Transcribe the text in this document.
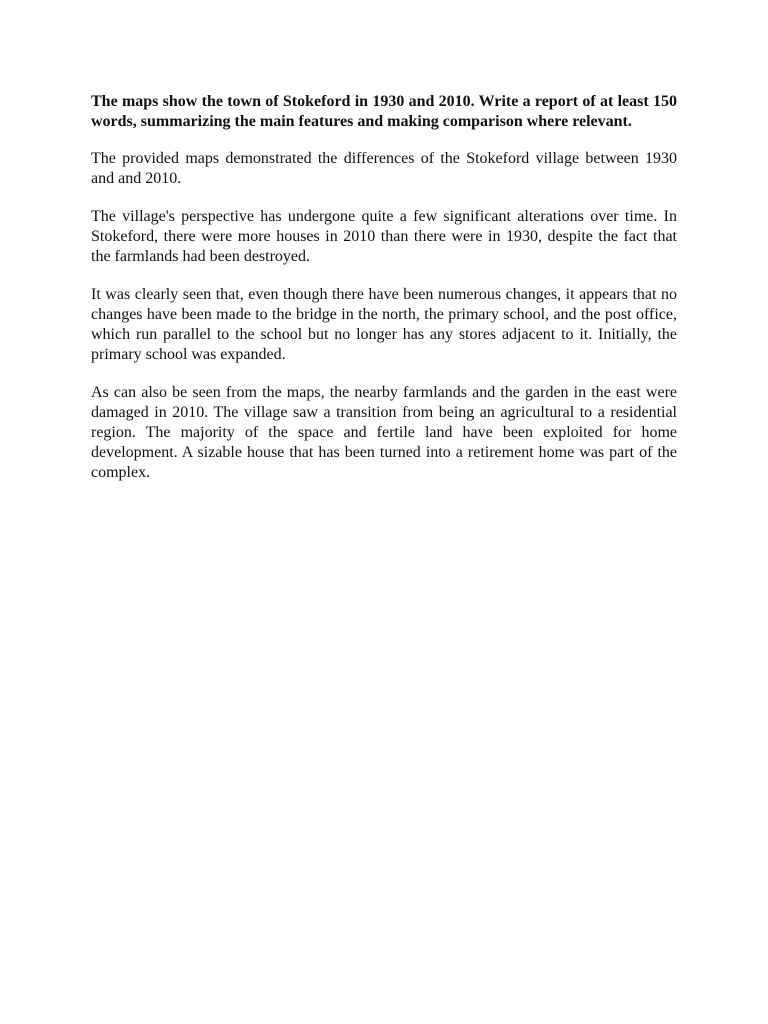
The maps show the town of Stokeford in 1930 and 2010. Write a report of at least 150 words, summarizing the main features and making comparison where relevant.

The provided maps demonstrated the differences of the Stokeford village between 1930 and and 2010.

The village's perspective has undergone quite a few significant alterations over time. In Stokeford, there were more houses in 2010 than there were in 1930, despite the fact that the farmlands had been destroyed.

It was clearly seen that, even though there have been numerous changes, it appears that no changes have been made to the bridge in the north, the primary school, and the post office, which run parallel to the school but no longer has any stores adjacent to it. Initially, the primary school was expanded.

As can also be seen from the maps, the nearby farmlands and the garden in the east were damaged in 2010. The village saw a transition from being an agricultural to a residential region. The majority of the space and fertile land have been exploited for home development. A sizable house that has been turned into a retirement home was part of the complex.
